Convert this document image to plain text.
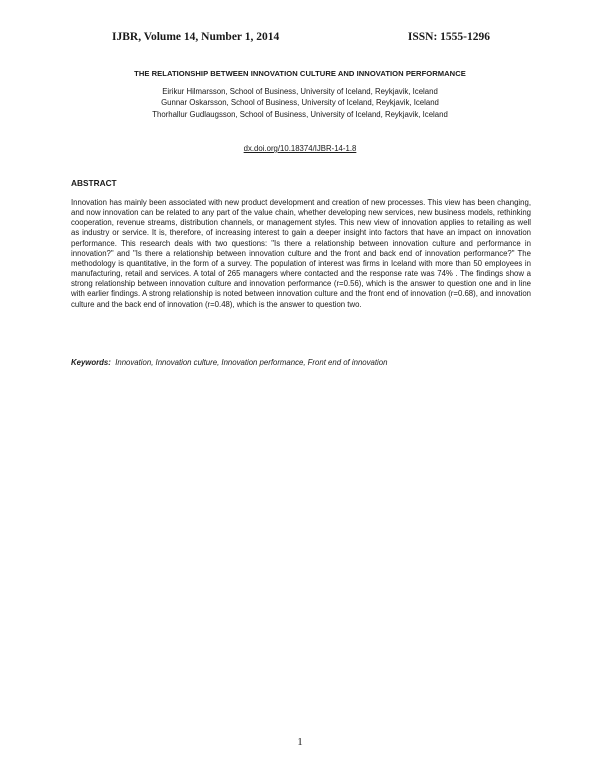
IJBR, Volume 14, Number 1, 2014	ISSN: 1555-1296
THE RELATIONSHIP BETWEEN INNOVATION CULTURE AND INNOVATION PERFORMANCE
Eirikur Hilmarsson, School of Business, University of Iceland, Reykjavik, Iceland
Gunnar Oskarsson, School of Business, University of Iceland, Reykjavik, Iceland
Thorhallur Gudlaugsson, School of Business, University of Iceland, Reykjavik, Iceland
dx.doi.org/10.18374/IJBR-14-1.8
ABSTRACT
Innovation has mainly been associated with new product development and creation of new processes. This view has been changing, and now innovation can be related to any part of the value chain, whether developing new services, new business models, rethinking cooperation, revenue streams, distribution channels, or management styles. This new view of innovation applies to retailing as well as industry or service. It is, therefore, of increasing interest to gain a deeper insight into factors that have an impact on innovation performance. This research deals with two questions: "Is there a relationship between innovation culture and performance in innovation?" and "Is there a relationship between innovation culture and the front and back end of innovation performance?" The methodology is quantitative, in the form of a survey. The population of interest was firms in Iceland with more than 50 employees in manufacturing, retail and services. A total of 265 managers where contacted and the response rate was 74% . The findings show a strong relationship between innovation culture and innovation performance (r=0.56), which is the answer to question one and in line with earlier findings. A strong relationship is noted between innovation culture and the front end of innovation (r=0.68), and innovation culture and the back end of innovation (r=0.48), which is the answer to question two.
Keywords: Innovation, Innovation culture, Innovation performance, Front end of innovation
1
